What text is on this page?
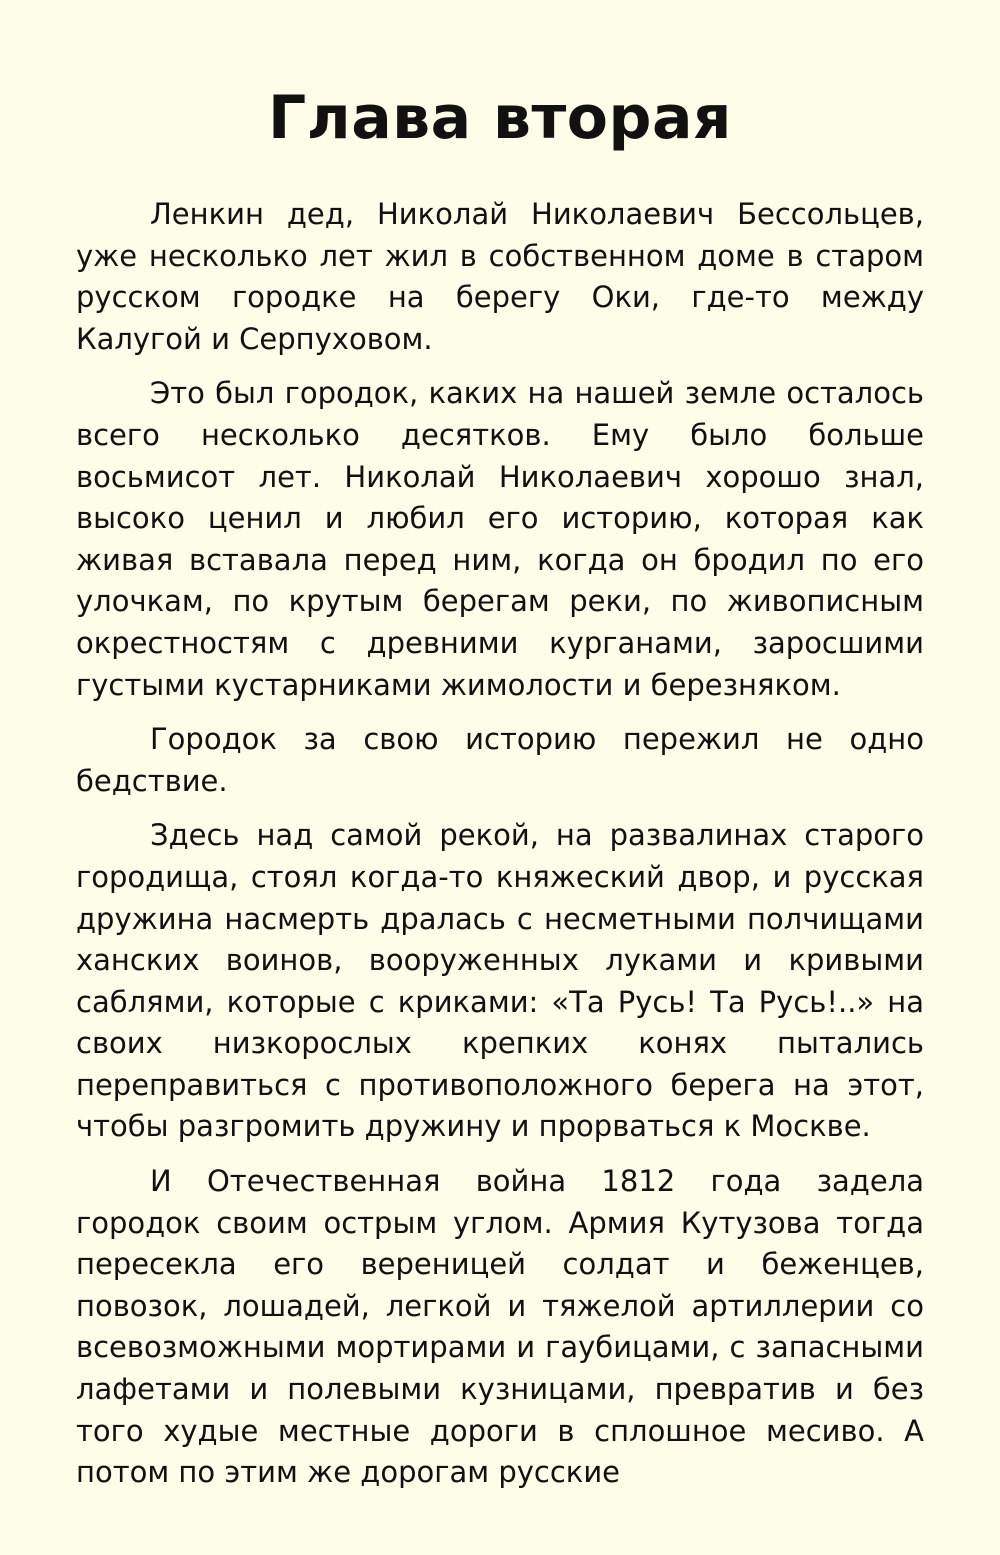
Глава вторая

Ленкин дед, Николай Николаевич Бессольцев, уже несколько лет жил в собственном доме в старом русском городке на берегу Оки, где-то между Калугой и Серпуховом.

Это был городок, каких на нашей земле осталось всего несколько десятков. Ему было больше восьмисот лет. Николай Николаевич хорошо знал, высоко ценил и любил его историю, которая как живая вставала перед ним, когда он бродил по его улочкам, по крутым берегам реки, по живописным окрестностям с древними курганами, заросшими густыми кустарниками жимолости и березняком.

Городок за свою историю пережил не одно бедствие.

Здесь над самой рекой, на развалинах старого городища, стоял когда-то княжеский двор, и русская дружина насмерть дралась с несметными полчищами ханских воинов, вооруженных луками и кривыми саблями, которые с криками: «Та Русь! Та Русь!..» на своих низкорослых крепких конях пытались переправиться с противоположного берега на этот, чтобы разгромить дружину и прорваться к Москве.

И Отечественная война 1812 года задела городок своим острым углом. Армия Кутузова тогда пересекла его вереницей солдат и беженцев, повозок, лошадей, легкой и тяжелой артиллерии со всевозможными мортирами и гаубицами, с запасными лафетами и полевыми кузницами, превратив и без того худые местные дороги в сплошное месиво. А потом по этим же дорогам русские
